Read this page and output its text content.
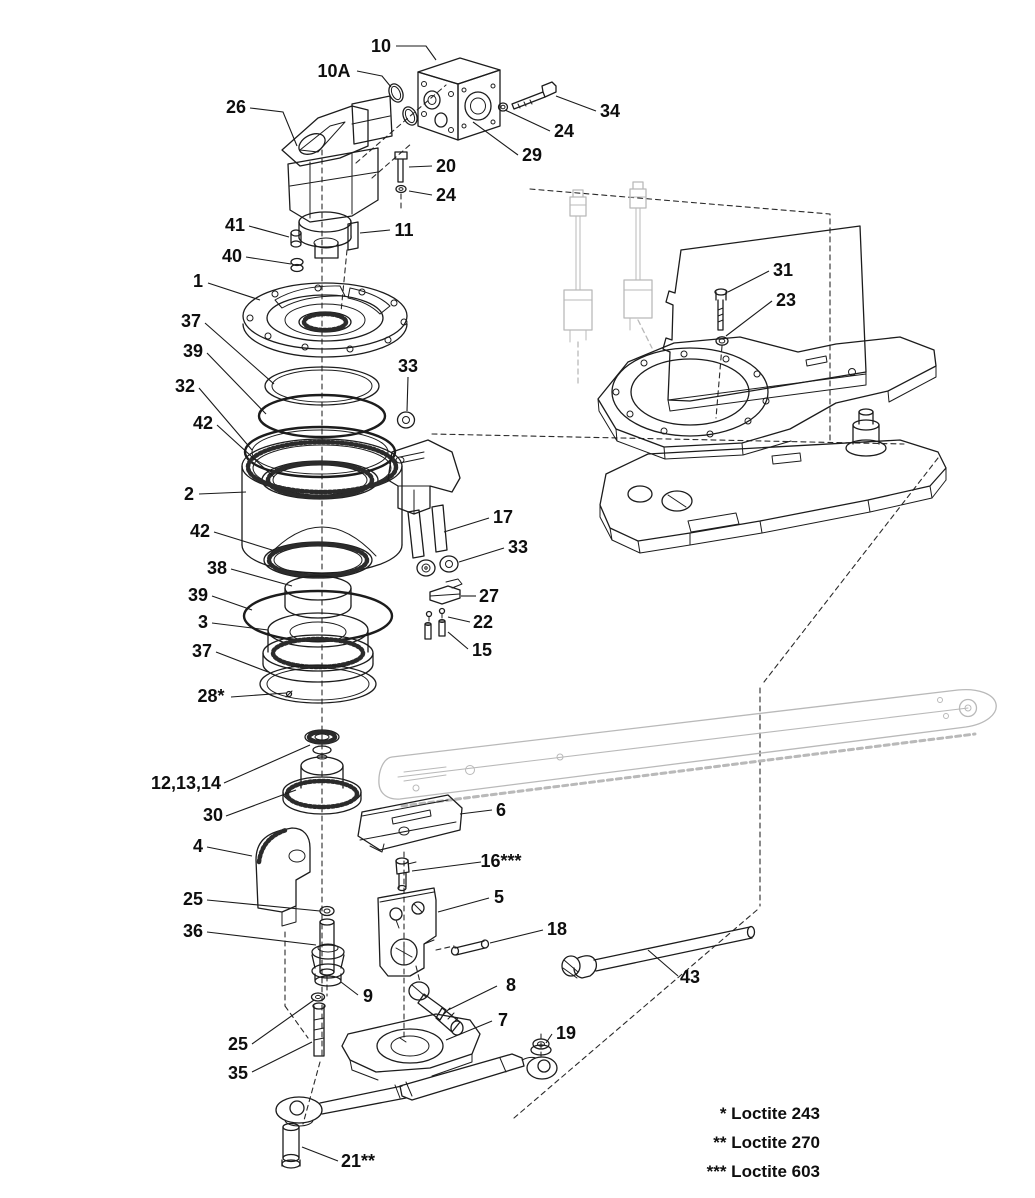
10
10A
26	34
24
29
20
24
11
41
40
1
37
39
32
42
2
42
38
39
3
37
28*
33
17
33
27
22
15
31
23
12,13,14
30
4
6
16***
25
36
5
18
9
8
25
35
7
19
43
21**
* Loctite 243
** Loctite 270
*** Loctite 603
